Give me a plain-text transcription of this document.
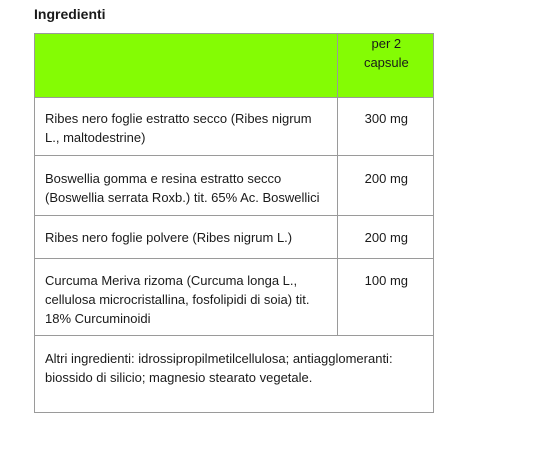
Ingredienti
	per 2 capsule
Ribes nero foglie estratto secco (Ribes nigrum L., maltodestrine)	300 mg
Boswellia gomma e resina estratto secco (Boswellia serrata Roxb.) tit. 65% Ac. Boswellici	200 mg
Ribes nero foglie polvere (Ribes nigrum L.)	200 mg
Curcuma Meriva rizoma (Curcuma longa L., cellulosa microcristallina, fosfolipidi di soia) tit. 18% Curcuminoidi	100 mg
Altri ingredienti: idrossipropilmetilcellulosa; antiagglomeranti: biossido di silicio; magnesio stearato vegetale.	
